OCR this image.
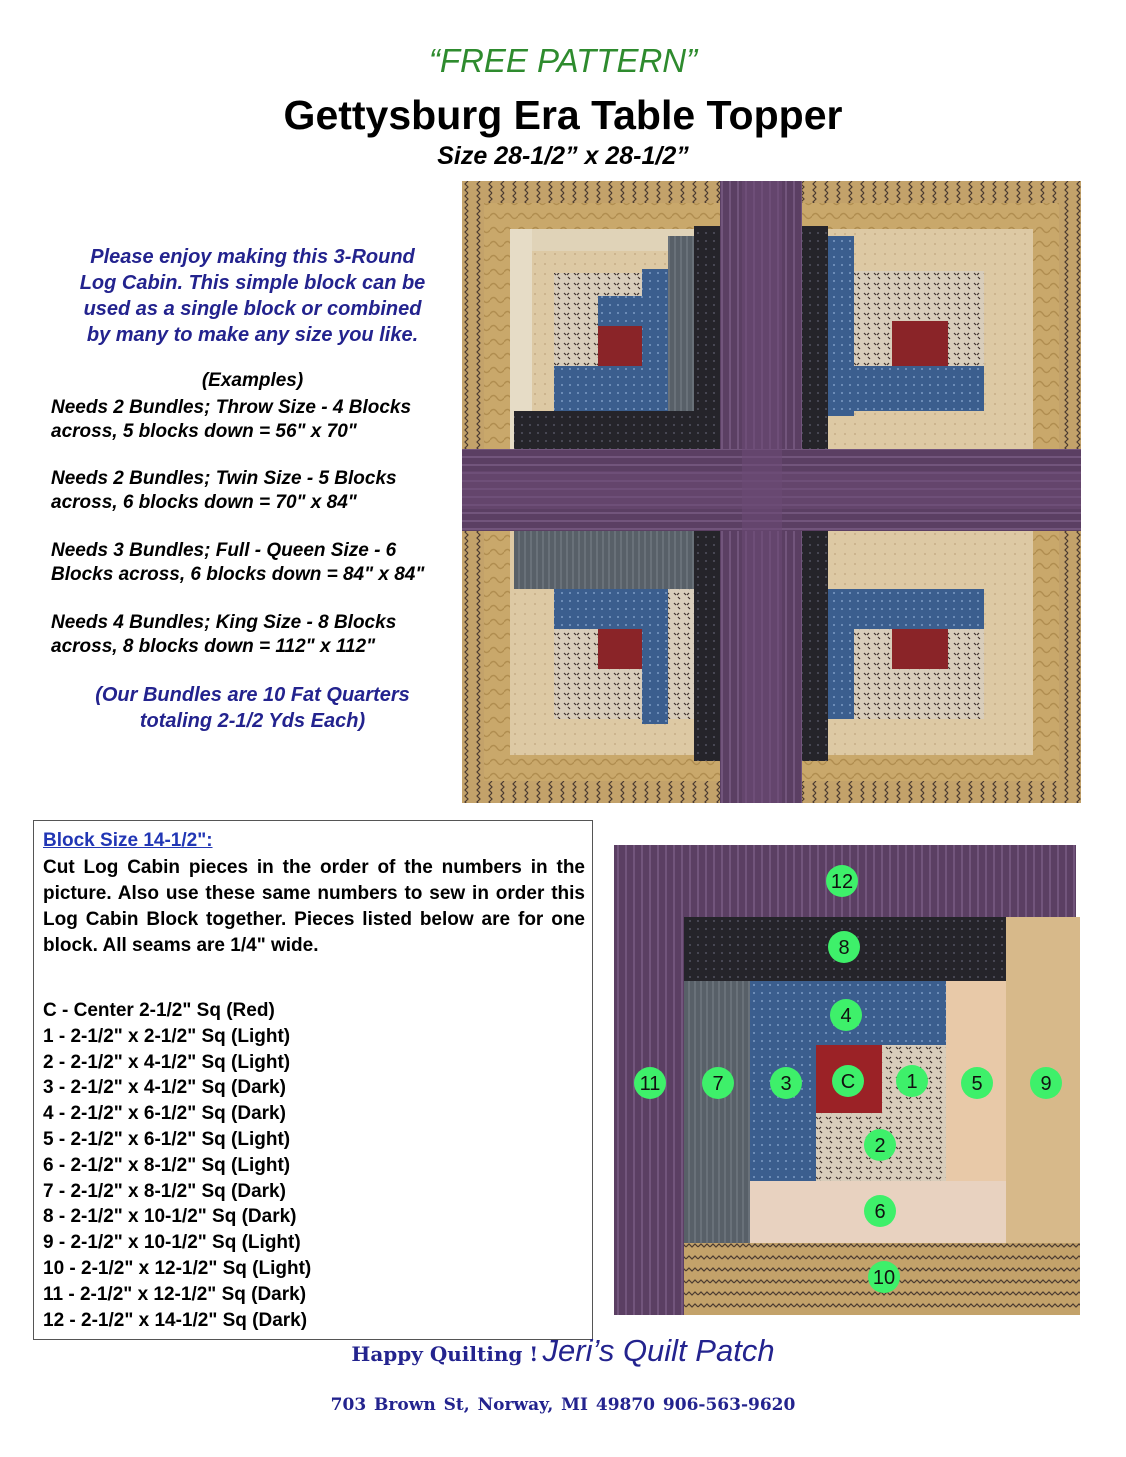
“FREE PATTERN”
Gettysburg Era Table Topper
Size 28-1/2” x 28-1/2”
Please enjoy making this 3-Round
Log Cabin. This simple block can be
used as a single block or combined
by many to make any size you like.
(Examples)
Needs 2 Bundles; Throw Size - 4 Blocks
across, 5 blocks down = 56" x 70"
Needs 2 Bundles; Twin Size - 5 Blocks
across, 6 blocks down = 70" x 84"
Needs 3 Bundles; Full - Queen Size - 6
Blocks across, 6 blocks down = 84" x 84"
Needs 4 Bundles; King Size - 8 Blocks
across, 8 blocks down = 112" x 112"
(Our Bundles are 10 Fat Quarters
totaling 2-1/2 Yds Each)
Block Size 14-1/2":
Cut Log Cabin pieces in the order of the numbers in the picture. Also use these same numbers to sew in order this Log Cabin Block together. Pieces listed below are for one block. All seams are 1/4" wide.
C - Center 2-1/2" Sq (Red)
1 - 2-1/2" x 2-1/2" Sq (Light)
2 - 2-1/2" x 4-1/2" Sq (Light)
3 - 2-1/2" x 4-1/2" Sq (Dark)
4 - 2-1/2" x 6-1/2" Sq (Dark)
5 - 2-1/2" x 6-1/2" Sq (Light)
6 - 2-1/2" x 8-1/2" Sq (Light)
7 - 2-1/2" x 8-1/2" Sq (Dark)
8 - 2-1/2" x 10-1/2" Sq (Dark)
9 - 2-1/2" x 10-1/2" Sq (Light)
10 - 2-1/2" x 12-1/2" Sq (Light)
11 - 2-1/2" x 12-1/2" Sq (Dark)
12 - 2-1/2" x 14-1/2" Sq (Dark)
12
8
4
11	7	3 C	1	5	9
2
6
10
Happy Quilting ! Jeri’s Quilt Patch
703 Brown St, Norway, MI 49870 906-563-9620
